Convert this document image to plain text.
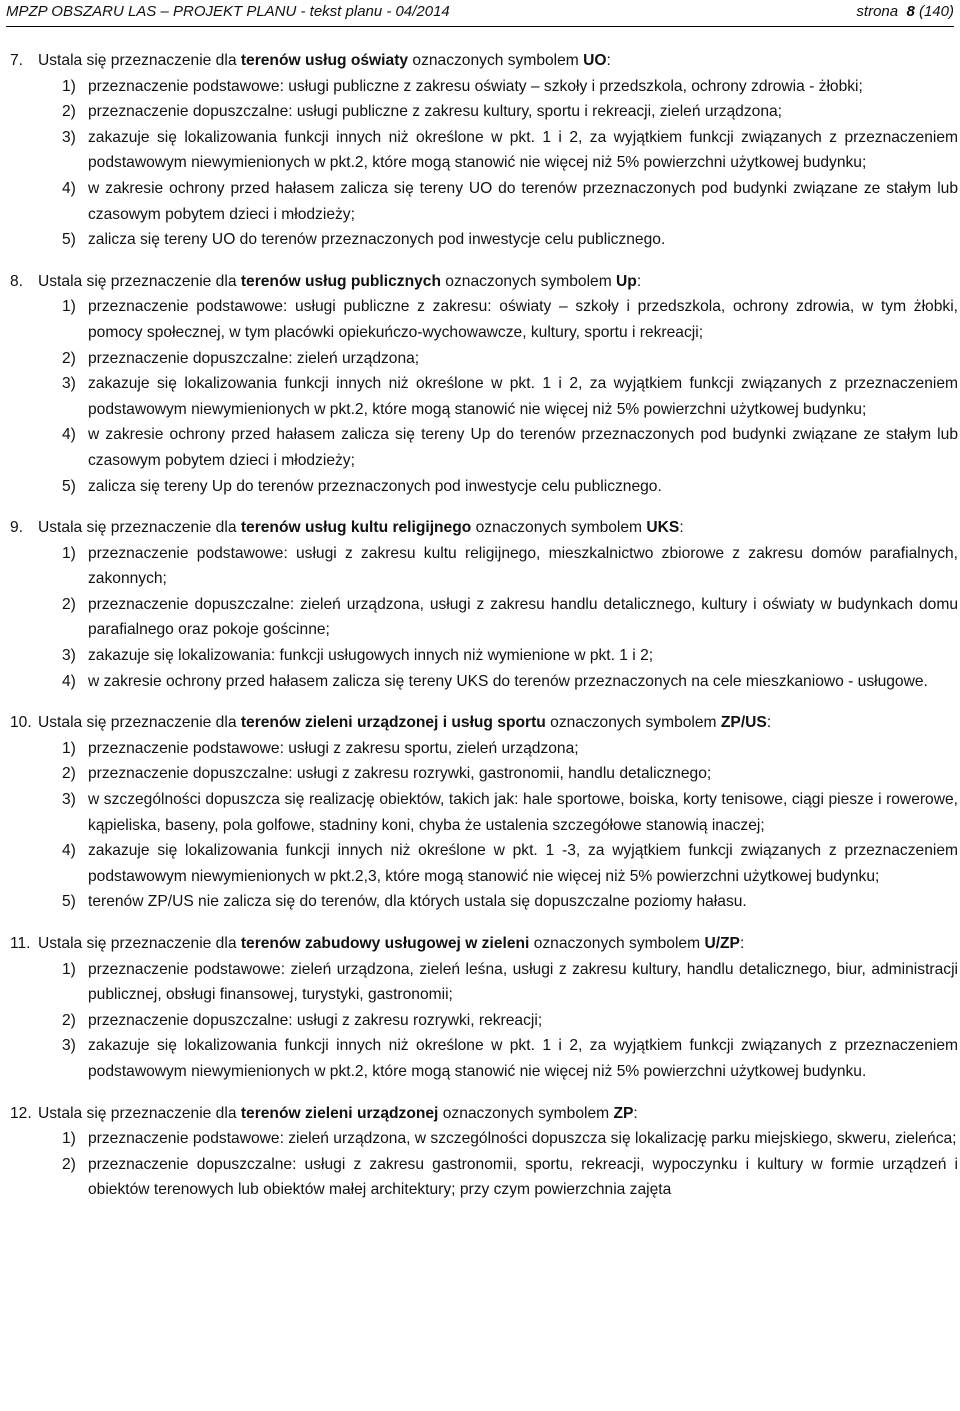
MPZP OBSZARU LAS – PROJEKT PLANU - tekst planu - 04/2014	strona 8 (140)
7. Ustala się przeznaczenie dla terenów usług oświaty oznaczonych symbolem UO:
1) przeznaczenie podstawowe: usługi publiczne z zakresu oświaty – szkoły i przedszkola, ochrony zdrowia - żłobki;
2) przeznaczenie dopuszczalne: usługi publiczne z zakresu kultury, sportu i rekreacji, zieleń urządzona;
3) zakazuje się lokalizowania funkcji innych niż określone w pkt. 1 i 2, za wyjątkiem funkcji związanych z przeznaczeniem podstawowym niewymienionych w pkt.2, które mogą stanowić nie więcej niż 5% powierzchni użytkowej budynku;
4) w zakresie ochrony przed hałasem zalicza się tereny UO do terenów przeznaczonych pod budynki związane ze stałym lub czasowym pobytem dzieci i młodzieży;
5) zalicza się tereny UO do terenów przeznaczonych pod inwestycje celu publicznego.
8. Ustala się przeznaczenie dla terenów usług publicznych oznaczonych symbolem Up:
1) przeznaczenie podstawowe: usługi publiczne z zakresu: oświaty – szkoły i przedszkola, ochrony zdrowia, w tym żłobki, pomocy społecznej, w tym placówki opiekuńczo-wychowawcze, kultury, sportu i rekreacji;
2) przeznaczenie dopuszczalne: zieleń urządzona;
3) zakazuje się lokalizowania funkcji innych niż określone w pkt. 1 i 2, za wyjątkiem funkcji związanych z przeznaczeniem podstawowym niewymienionych w pkt.2, które mogą stanowić nie więcej niż 5% powierzchni użytkowej budynku;
4) w zakresie ochrony przed hałasem zalicza się tereny Up do terenów przeznaczonych pod budynki związane ze stałym lub czasowym pobytem dzieci i młodzieży;
5) zalicza się tereny Up do terenów przeznaczonych pod inwestycje celu publicznego.
9. Ustala się przeznaczenie dla terenów usług kultu religijnego oznaczonych symbolem UKS:
1) przeznaczenie podstawowe: usługi z zakresu kultu religijnego, mieszkalnictwo zbiorowe z zakresu domów parafialnych, zakonnych;
2) przeznaczenie dopuszczalne: zieleń urządzona, usługi z zakresu handlu detalicznego, kultury i oświaty w budynkach domu parafialnego oraz pokoje gościnne;
3) zakazuje się lokalizowania: funkcji usługowych innych niż wymienione w pkt. 1 i 2;
4) w zakresie ochrony przed hałasem zalicza się tereny UKS do terenów przeznaczonych na cele mieszkaniowo - usługowe.
10. Ustala się przeznaczenie dla terenów zieleni urządzonej i usług sportu oznaczonych symbolem ZP/US:
1) przeznaczenie podstawowe: usługi z zakresu sportu, zieleń urządzona;
2) przeznaczenie dopuszczalne: usługi z zakresu rozrywki, gastronomii, handlu detalicznego;
3) w szczególności dopuszcza się realizację obiektów, takich jak: hale sportowe, boiska, korty tenisowe, ciągi piesze i rowerowe, kąpieliska, baseny, pola golfowe, stadniny koni, chyba że ustalenia szczegółowe stanowią inaczej;
4) zakazuje się lokalizowania funkcji innych niż określone w pkt. 1 -3, za wyjątkiem funkcji związanych z przeznaczeniem podstawowym niewymienionych w pkt.2,3, które mogą stanowić nie więcej niż 5% powierzchni użytkowej budynku;
5) terenów ZP/US nie zalicza się do terenów, dla których ustala się dopuszczalne poziomy hałasu.
11. Ustala się przeznaczenie dla terenów zabudowy usługowej w zieleni oznaczonych symbolem U/ZP:
1) przeznaczenie podstawowe: zieleń urządzona, zieleń leśna, usługi z zakresu kultury, handlu detalicznego, biur, administracji publicznej, obsługi finansowej, turystyki, gastronomii;
2) przeznaczenie dopuszczalne: usługi z zakresu rozrywki, rekreacji;
3) zakazuje się lokalizowania funkcji innych niż określone w pkt. 1 i 2, za wyjątkiem funkcji związanych z przeznaczeniem podstawowym niewymienionych w pkt.2, które mogą stanowić nie więcej niż 5% powierzchni użytkowej budynku.
12. Ustala się przeznaczenie dla terenów zieleni urządzonej oznaczonych symbolem ZP:
1) przeznaczenie podstawowe: zieleń urządzona, w szczególności dopuszcza się lokalizację parku miejskiego, skweru, zieleńca;
2) przeznaczenie dopuszczalne: usługi z zakresu gastronomii, sportu, rekreacji, wypoczynku i kultury w formie urządzeń i obiektów terenowych lub obiektów małej architektury; przy czym powierzchnia zajęta
